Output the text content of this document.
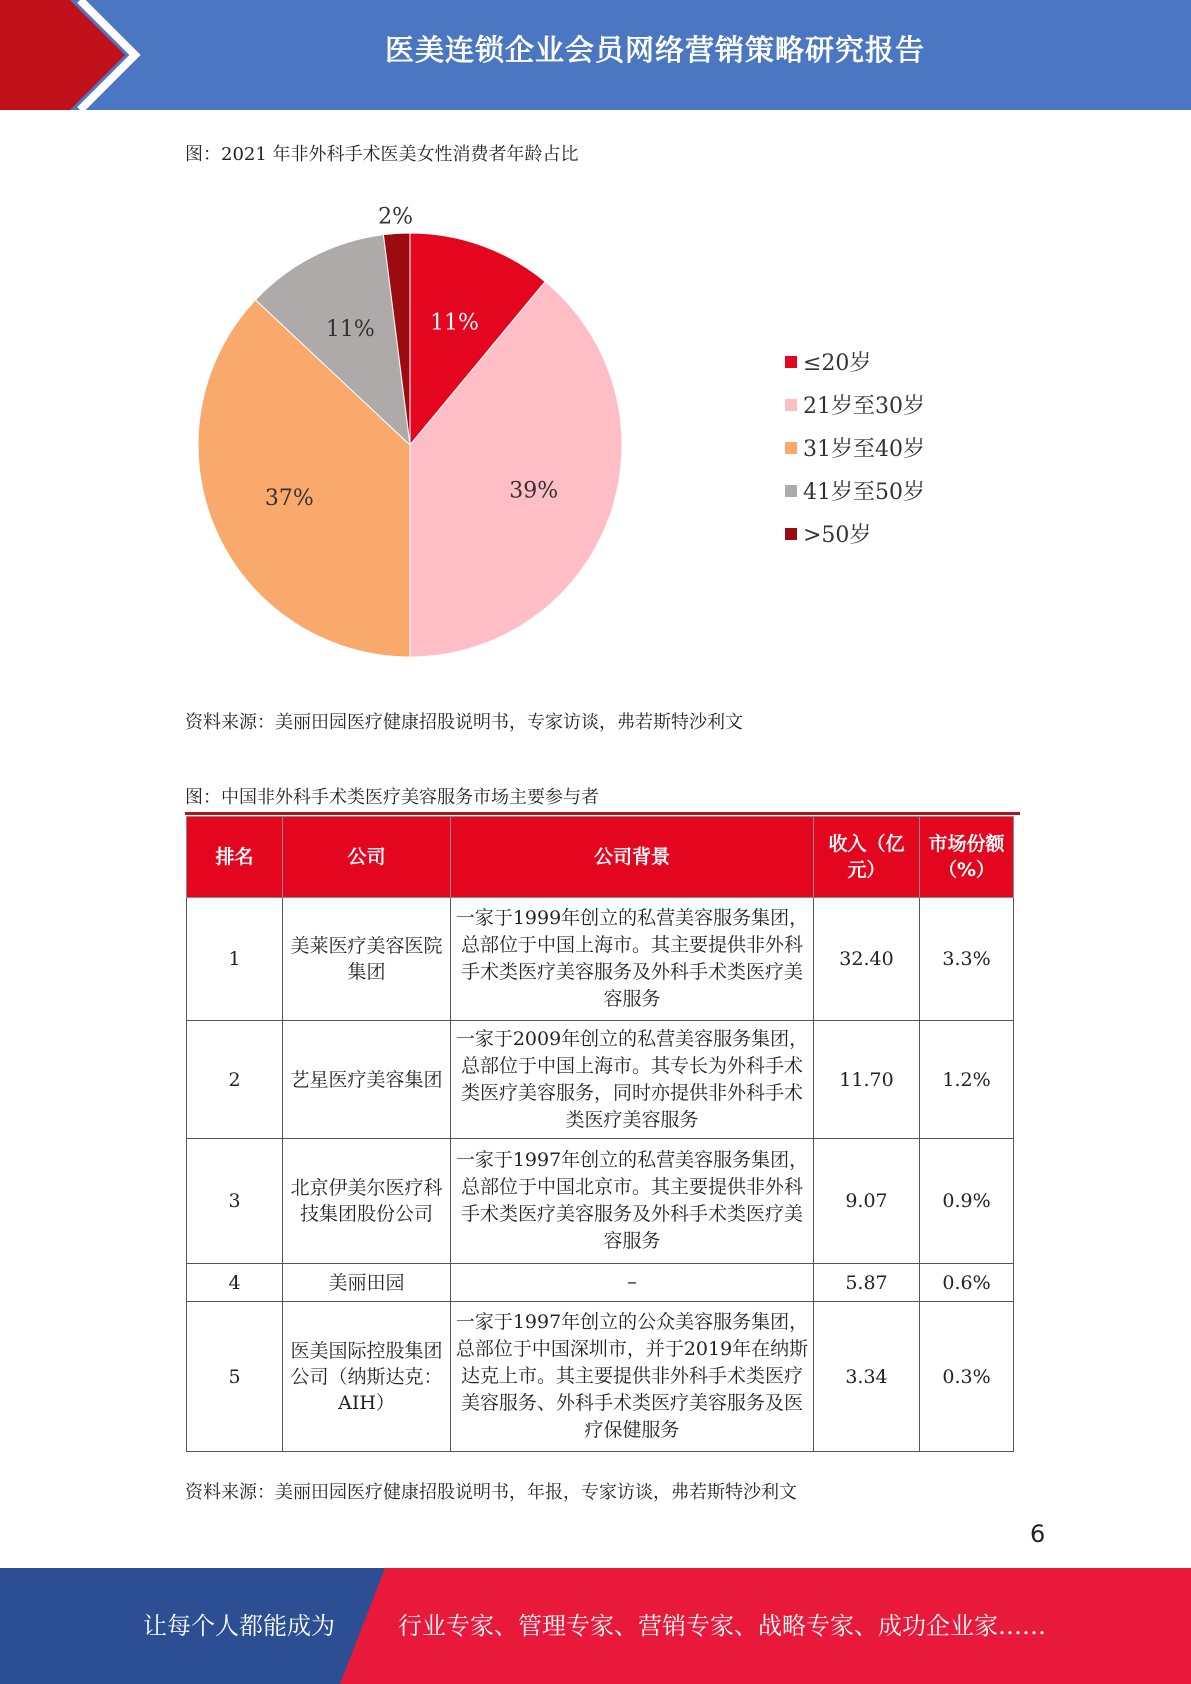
医美连锁企业会员网络营销策略研究报告
图：2021 年非外科手术医美女性消费者年龄占比
11%
39%
37%
11%
2%
≤20岁
21岁至30岁
31岁至40岁
41岁至50岁
>50岁
资料来源：美丽田园医疗健康招股说明书，专家访谈，弗若斯特沙利文
图：中国非外科手术类医疗美容服务市场主要参与者
排名	公司	公司背景	收入（亿元）	市场份额（%）
1	美莱医疗美容医院集团	一家于1999年创立的私营美容服务集团，总部位于中国上海市。其主要提供非外科手术类医疗美容服务及外科手术类医疗美容服务	32.40	3.3%
2	艺星医疗美容集团	一家于2009年创立的私营美容服务集团，总部位于中国上海市。其专长为外科手术类医疗美容服务，同时亦提供非外科手术类医疗美容服务	11.70	1.2%
3	北京伊美尔医疗科技集团股份公司	一家于1997年创立的私营美容服务集团，总部位于中国北京市。其主要提供非外科手术类医疗美容服务及外科手术类医疗美容服务	9.07	0.9%
4	美丽田园	–	5.87	0.6%
5	医美国际控股集团公司（纳斯达克：AIH）	一家于1997年创立的公众美容服务集团，总部位于中国深圳市，并于2019年在纳斯达克上市。其主要提供非外科手术类医疗美容服务、外科手术类医疗美容服务及医疗保健服务	3.34	0.3%
资料来源：美丽田园医疗健康招股说明书，年报，专家访谈，弗若斯特沙利文
6
让每个人都能成为	行业专家、管理专家、营销专家、战略专家、成功企业家……
